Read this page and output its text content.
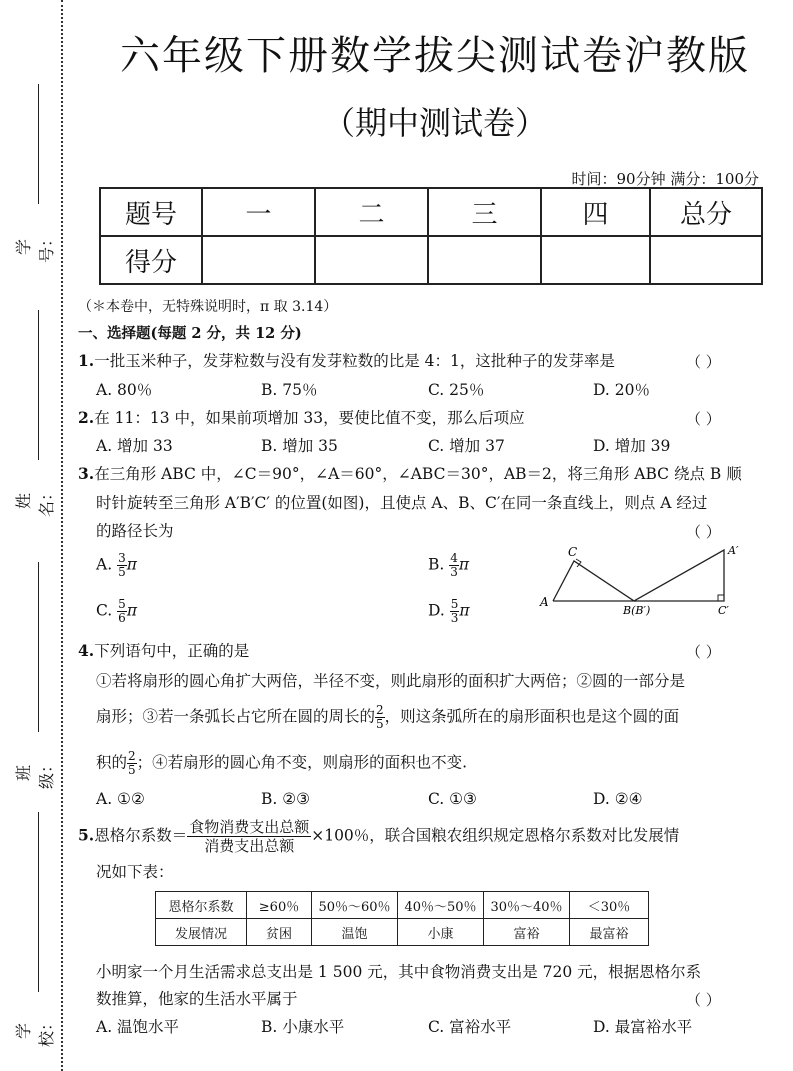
学号：
姓名：
班级：
学校：
六年级下册数学拔尖测试卷沪教版
（期中测试卷）
时间：90分钟 满分：100分
题号	一	二	三	四	总分
得分					
（＊本卷中，无特殊说明时，π 取 3.14）
一、选择题(每题 2 分，共 12 分)
1.一批玉米种子，发芽粒数与没有发芽粒数的比是 4：1，这批种子的发芽率是	（ ）
A. 80％	B. 75％	C. 25％	D. 20％
2.在 11：13 中，如果前项增加 33，要使比值不变，那么后项应	（ ）
A. 增加 33	B. 增加 35	C. 增加 37	D. 增加 39
3.在三角形 ABC 中，∠C＝90°，∠A＝60°，∠ABC＝30°，AB＝2，将三角形 ABC 绕点 B 顺
时针旋转至三角形 A′B′C′ 的位置(如图)，且使点 A、B、C′在同一条直线上，则点 A 经过
的路径长为	（ ）
A. $\frac{3}{5}$ π	B. $\frac{4}{3}$ π
C. $\frac{5}{6}$ π	D. $\frac{5}{3}$ π	A
C
B(B′)
A′
C′
4.下列语句中，正确的是	（ ）
①若将扇形的圆心角扩大两倍，半径不变，则此扇形的面积扩大两倍；②圆的一部分是
扇形；③若一条弧长占它所在圆的周长的 $\frac{2}{5}$ ，则这条弧所在的扇形面积也是这个圆的面
积的 $\frac{2}{5}$ ；④若扇形的圆心角不变，则扇形的面积也不变.
A. ①②	B. ②③	C. ①③	D. ②④
5.恩格尔系数＝ $\frac{\text{食物消费支出总额}}{\text{消费支出总额}} \times 100$％，联合国粮农组织规定恩格尔系数对比发展情
况如下表：
恩格尔系数	≥60％	50％～60％	40％～50％	30％～40％	＜30％
发展情况	贫困	温饱	小康	富裕	最富裕
小明家一个月生活需求总支出是 1 500 元，其中食物消费支出是 720 元，根据恩格尔系
数推算，他家的生活水平属于	（ ）
A. 温饱水平	B. 小康水平	C. 富裕水平	D. 最富裕水平
